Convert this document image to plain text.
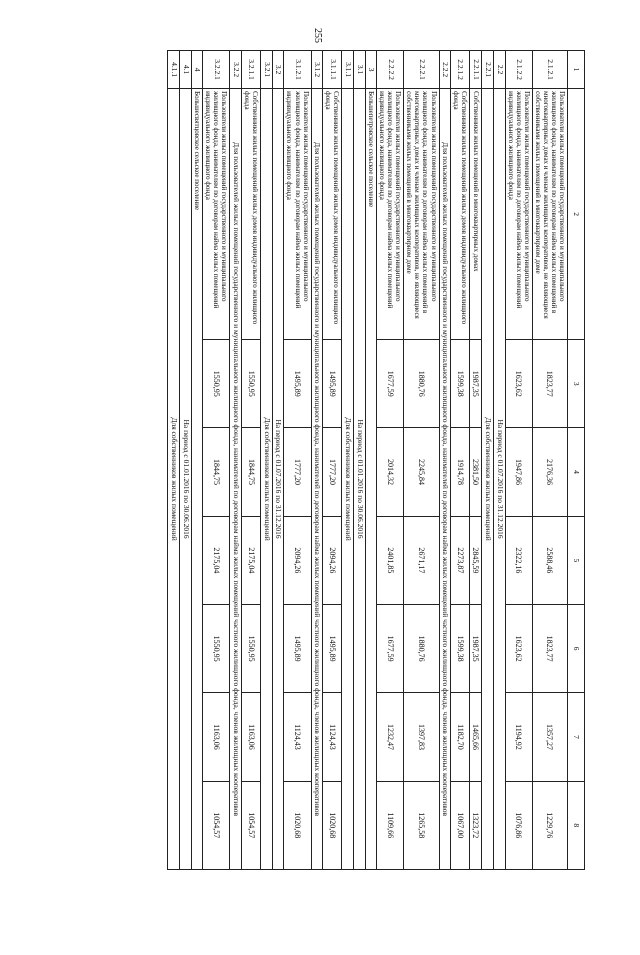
255
1	2	3	4	5	6	7	8
2.1.2.1	Пользователи жилых помещений государственного и муниципального жилищного фонда, нанимателям по договорам найма жилых помещений в многоквартирных домах и членам жилищных кооперативов, не являющиеся собственниками жилых помещений в многоквартирном доме	1823,77	2176,36	2588,46	1823,77	1357,27	1229,76
2.1.2.2	Пользователи жилых помещений государственного и муниципального жилищного фонда, нанимателям по договорам найма жилых помещений индивидуального жилищного фонда	1623,62	1947,86	2322,16	1623,62	1194,92	1076,86
2.2	На период с 01.07.2016 по 31.12.2016						
2.2.1	Для собственников жилых помещений						
2.2.1.1	Собственники жилых помещений в многоквартирных домах	1987,35	2381,50	2845,59	1987,35	1465,66	1323,72
2.2.1.2	Собственники жилых помещений жилых домов индивидуального жилищного фонда	1599,38	1914,78	2273,87	1599,38	1182,70	1067,00
2.2.2	Для пользователей жилых помещений государственного и муниципального жилищного фонда, нанимателей по договорам найма жилых помещений частного жилищного фонда, членов жилищных кооперативов						
2.2.2.1	Пользователи жилых помещений государственного и муниципального жилищного фонда, нанимателям по договорам найма жилых помещений в многоквартирных домах и членам жилищных кооперативов, не являющиеся собственниками жилых помещений в многоквартирном доме	1880,76	2245,84	2671,17	1880,76	1397,83	1265,58
2.2.2.2	Пользователи жилых помещений государственного и муниципального жилищного фонда, нанимателям по договорам найма жилых помещений индивидуального жилищного фонда	1677,59	2014,32	2401,85	1677,59	1232,47	1109,66
3	Большепетровское сельское поселение						
3.1	На период с 01.01.2016 по 30.06.2016						
3.1.1	Для собственников жилых помещений						
3.1.1.1	Собственники жилых помещений жилых домов индивидуального жилищного фонда	1495,89	1777,20	2094,26	1495,89	1124,43	1020,68
3.1.2	Для пользователей жилых помещений государственного и муниципального жилищного фонда, нанимателей по договорам найма жилых помещений частного жилищного фонда, членов жилищных кооперативов						
3.1.2.1	Пользователи жилых помещений государственного и муниципального жилищного фонда, нанимателям по договорам найма жилых помещений индивидуального жилищного фонда	1495,89	1777,20	2094,26	1495,89	1124,43	1020,68
3.2	На период с 01.07.2016 по 31.12.2016						
3.2.1	Для собственников жилых помещений						
3.2.1.1	Собственники жилых помещений жилых домов индивидуального жилищного фонда	1550,95	1844,75	2175,04	1550,95	1163,06	1054,57
3.2.2	Для пользователей жилых помещений государственного и муниципального жилищного фонда, нанимателей по договорам найма жилых помещений частного жилищного фонда, членов жилищных кооперативов						
3.2.2.1	Пользователи жилых помещений государственного и муниципального жилищного фонда, нанимателям по договорам найма жилых помещений индивидуального жилищного фонда	1550,95	1844,75	2175,04	1550,95	1163,06	1054,57
4	Большесвятцовское сельское поселение						
4.1	На период с 01.01.2016 по 30.06.2016						
4.1.1	Для собственников жилых помещений						
